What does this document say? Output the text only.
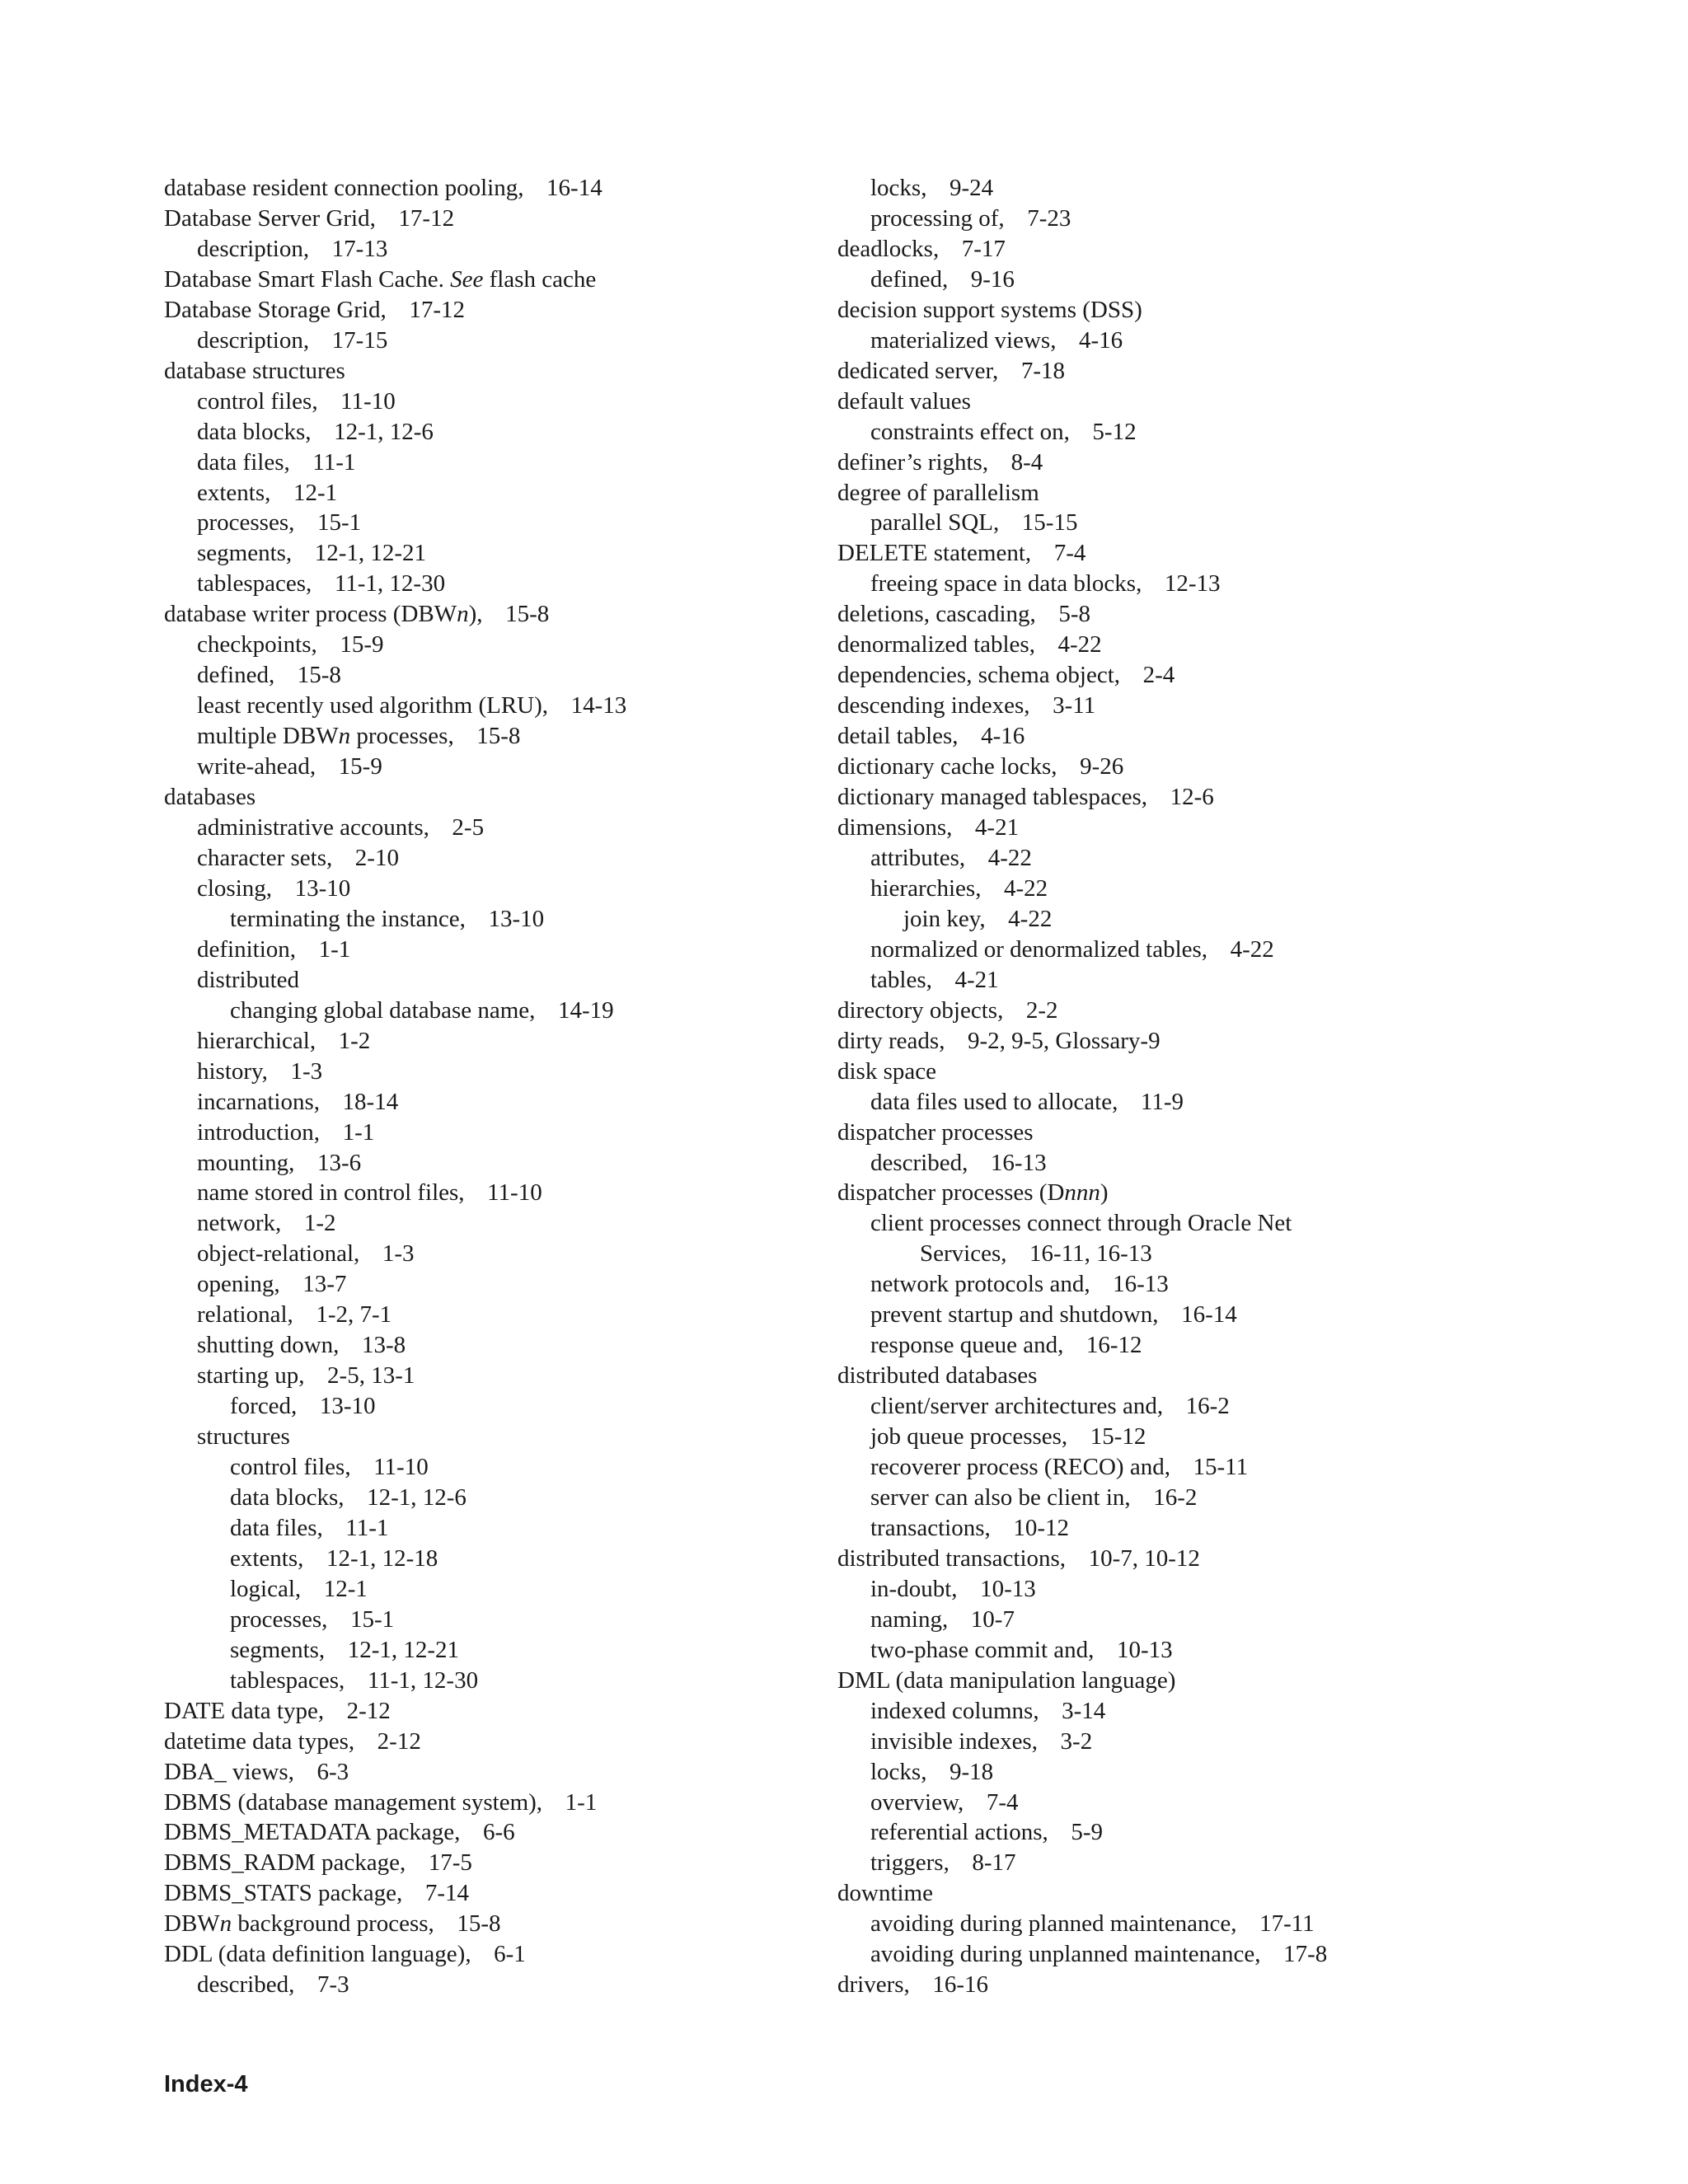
database resident connection pooling, 16-14
Database Server Grid, 17-12
description, 17-13
Database Smart Flash Cache. See flash cache
Database Storage Grid, 17-12
description, 17-15
database structures
control files, 11-10
data blocks, 12-1, 12-6
data files, 11-1
extents, 12-1
processes, 15-1
segments, 12-1, 12-21
tablespaces, 11-1, 12-30
database writer process (DBWn), 15-8
checkpoints, 15-9
defined, 15-8
least recently used algorithm (LRU), 14-13
multiple DBWn processes, 15-8
write-ahead, 15-9
databases
administrative accounts, 2-5
character sets, 2-10
closing, 13-10
terminating the instance, 13-10
definition, 1-1
distributed
changing global database name, 14-19
hierarchical, 1-2
history, 1-3
incarnations, 18-14
introduction, 1-1
mounting, 13-6
name stored in control files, 11-10
network, 1-2
object-relational, 1-3
opening, 13-7
relational, 1-2, 7-1
shutting down, 13-8
starting up, 2-5, 13-1
forced, 13-10
structures
control files, 11-10
data blocks, 12-1, 12-6
data files, 11-1
extents, 12-1, 12-18
logical, 12-1
processes, 15-1
segments, 12-1, 12-21
tablespaces, 11-1, 12-30
DATE data type, 2-12
datetime data types, 2-12
DBA_ views, 6-3
DBMS (database management system), 1-1
DBMS_METADATA package, 6-6
DBMS_RADM package, 17-5
DBMS_STATS package, 7-14
DBWn background process, 15-8
DDL (data definition language), 6-1
described, 7-3
locks, 9-24
processing of, 7-23
deadlocks, 7-17
defined, 9-16
decision support systems (DSS)
materialized views, 4-16
dedicated server, 7-18
default values
constraints effect on, 5-12
definer’s rights, 8-4
degree of parallelism
parallel SQL, 15-15
DELETE statement, 7-4
freeing space in data blocks, 12-13
deletions, cascading, 5-8
denormalized tables, 4-22
dependencies, schema object, 2-4
descending indexes, 3-11
detail tables, 4-16
dictionary cache locks, 9-26
dictionary managed tablespaces, 12-6
dimensions, 4-21
attributes, 4-22
hierarchies, 4-22
join key, 4-22
normalized or denormalized tables, 4-22
tables, 4-21
directory objects, 2-2
dirty reads, 9-2, 9-5, Glossary-9
disk space
data files used to allocate, 11-9
dispatcher processes
described, 16-13
dispatcher processes (Dnnn)
client processes connect through Oracle Net
Services, 16-11, 16-13
network protocols and, 16-13
prevent startup and shutdown, 16-14
response queue and, 16-12
distributed databases
client/server architectures and, 16-2
job queue processes, 15-12
recoverer process (RECO) and, 15-11
server can also be client in, 16-2
transactions, 10-12
distributed transactions, 10-7, 10-12
in-doubt, 10-13
naming, 10-7
two-phase commit and, 10-13
DML (data manipulation language)
indexed columns, 3-14
invisible indexes, 3-2
locks, 9-18
overview, 7-4
referential actions, 5-9
triggers, 8-17
downtime
avoiding during planned maintenance, 17-11
avoiding during unplanned maintenance, 17-8
drivers, 16-16
Index-4
